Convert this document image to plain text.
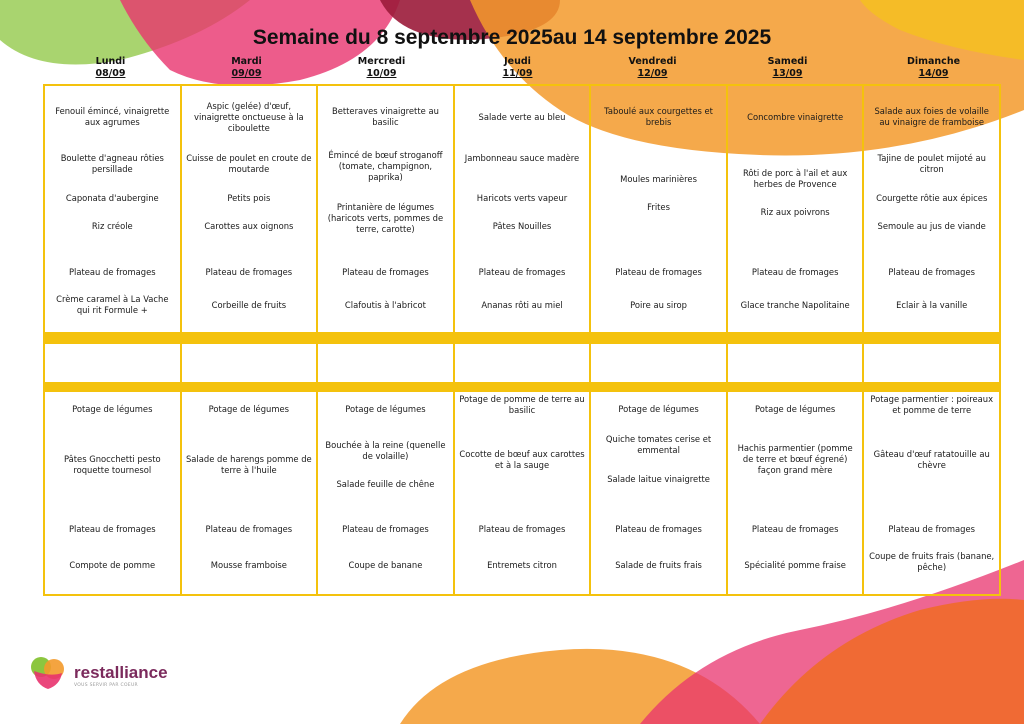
Semaine du 8 septembre 2025au 14 septembre 2025
Lundi
08/09
Mardi
09/09
Mercredi
10/09
Jeudi
11/09
Vendredi
12/09
Samedi
13/09
Dimanche
14/09
Fenouil émincé, vinaigrette aux agrumes
Boulette d'agneau rôties persillade
Caponata d'aubergine
Riz créole
Plateau de fromages
Crème caramel à La Vache qui rit Formule +
Aspic (gelée) d'œuf, vinaigrette onctueuse à la ciboulette
Cuisse de poulet en croute de moutarde
Petits pois
Carottes aux oignons
Plateau de fromages
Corbeille de fruits
Betteraves vinaigrette au basilic
Émincé de bœuf stroganoff (tomate, champignon, paprika)
Printanière de légumes (haricots verts, pommes de terre, carotte)
Plateau de fromages
Clafoutis à l'abricot
Salade verte au bleu
Jambonneau sauce madère
Haricots verts vapeur
Pâtes Nouilles
Plateau de fromages
Ananas rôti au miel
Taboulé aux courgettes et brebis
Moules marinières
Frites
Plateau de fromages
Poire au sirop
Concombre vinaigrette
Rôti de porc à l'ail et aux herbes de Provence
Riz aux poivrons
Plateau de fromages
Glace tranche Napolitaine
Salade aux foies de volaille au vinaigre de framboise
Tajine de poulet mijoté au citron
Courgette rôtie aux épices
Semoule au jus de viande
Plateau de fromages
Eclair à la vanille
Potage de légumes
Pâtes Gnocchetti pesto roquette tournesol
Plateau de fromages
Compote de pomme
Potage de légumes
Salade de harengs pomme de terre à l'huile
Plateau de fromages
Mousse framboise
Potage de légumes
Bouchée à la reine (quenelle de volaille)
Salade feuille de chêne
Plateau de fromages
Coupe de banane
Potage de pomme de terre au basilic
Cocotte de bœuf aux carottes et à la sauge
Plateau de fromages
Entremets citron
Potage de légumes
Quiche tomates cerise et emmental
Salade laitue vinaigrette
Plateau de fromages
Salade de fruits frais
Potage de légumes
Hachis parmentier (pomme de terre et bœuf égrené) façon grand mère
Plateau de fromages
Spécialité pomme fraise
Potage parmentier : poireaux et pomme de terre
Gâteau d'œuf ratatouille au chèvre
Plateau de fromages
Coupe de fruits frais (banane, pêche)
restalliance
VOUS SERVIR PAR COEUR
